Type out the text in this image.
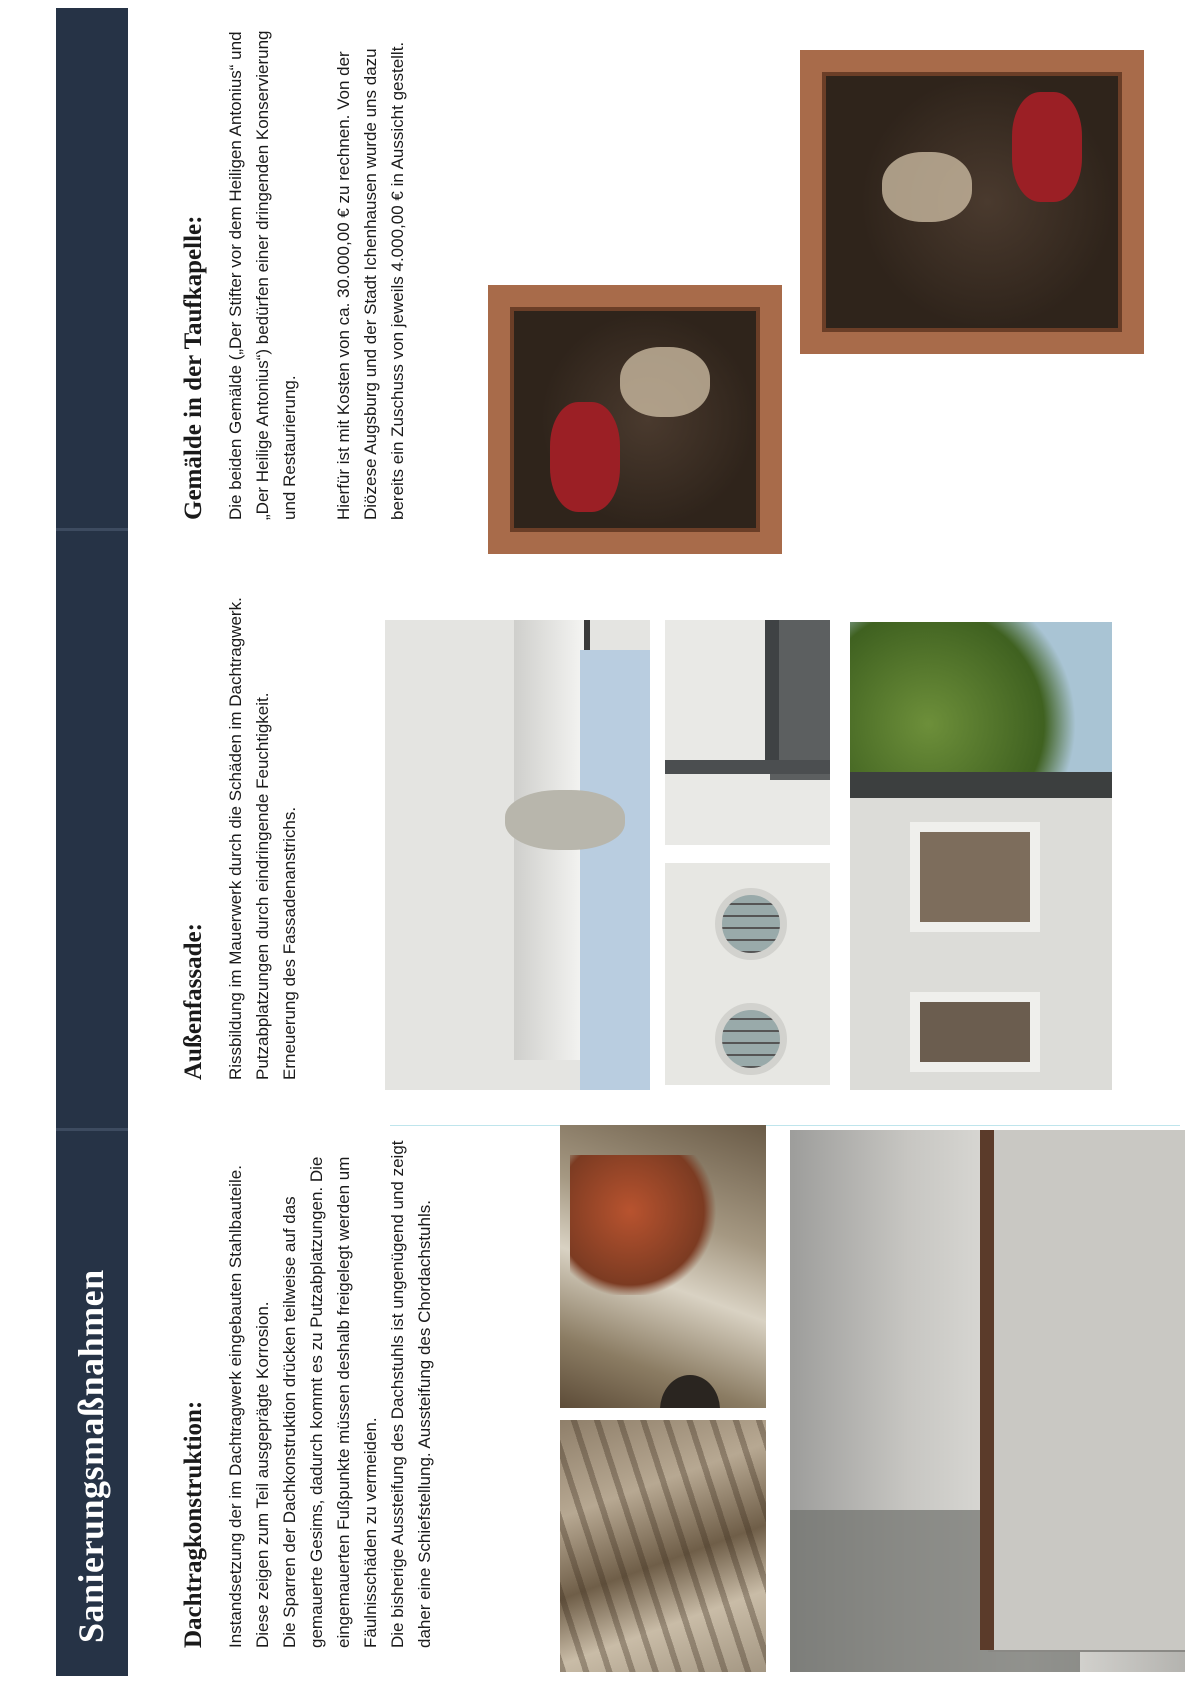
Sanierungsmaßnahmen	Dachtragkonstruktion: Instandsetzung der im Dachtragwerk eingebauten Stahlbauteile. Diese zeigen zum Teil ausgeprägte Korrosion. Die Sparren der Dachkonstruktion drücken teilweise auf das gemauerte Gesims, dadurch kommt es zu Putzabplatzungen. Die eingemauerten Fußpunkte müssen deshalb freigelegt werden um Fäulnisschäden zu vermeiden. Die bisherige Aussteifung des Dachstuhls ist ungenügend und zeigt daher eine Schiefstellung. Aussteifung des Chordachstuhls.

Außenfassade: Rissbildung im Mauerwerk durch die Schäden im Dachtragwerk. Putzabplatzungen durch eindringende Feuchtigkeit. Erneuerung des Fassadenanstrichs.

Gemälde in der Taufkapelle: Die beiden Gemälde („Der Stifter vor dem Heiligen Antonius“ und „Der Heilige Antonius“) bedürfen einer dringenden Konservierung und Restaurierung. Hierfür ist mit Kosten von ca. 30.000,00 € zu rechnen. Von der Diözese Augsburg und der Stadt Ichenhausen wurde uns dazu bereits ein Zuschuss von jeweils 4.000,00 € in Aussicht gestellt.
